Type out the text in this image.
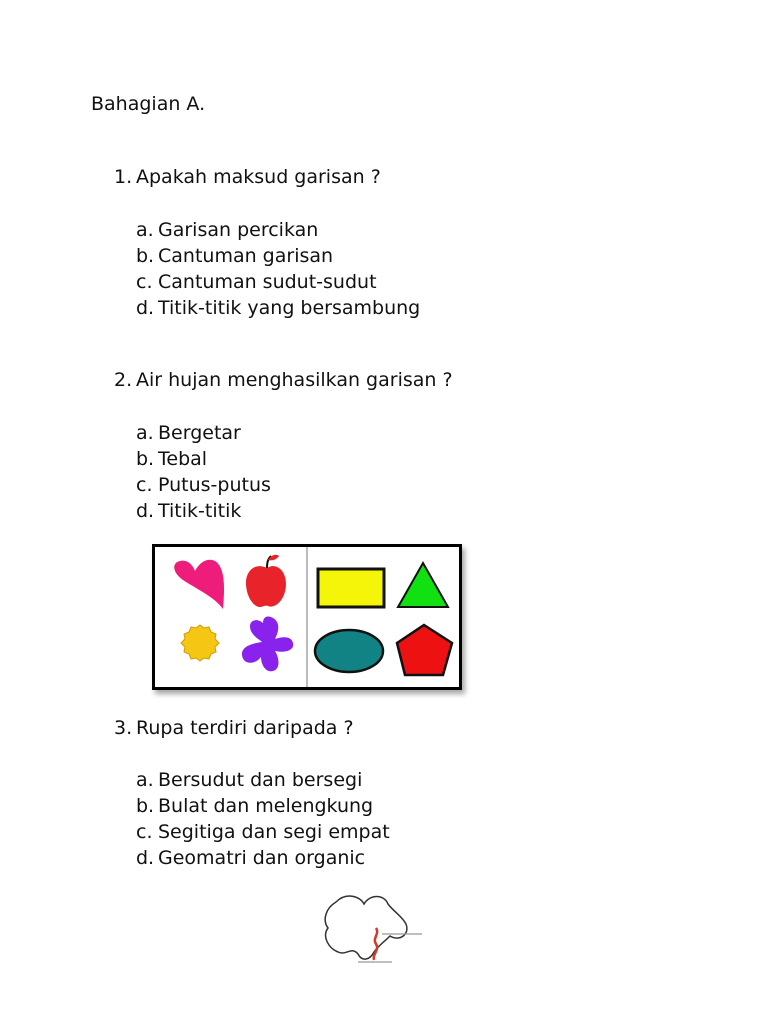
Bahagian A.
1. Apakah maksud garisan ?
a. Garisan percikan
b. Cantuman garisan
c. Cantuman sudut-sudut
d. Titik-titik yang bersambung
2. Air hujan menghasilkan garisan ?
a. Bergetar
b. Tebal
c. Putus-putus
d. Titik-titik
3. Rupa terdiri daripada ?
a. Bersudut dan bersegi
b. Bulat dan melengkung
c. Segitiga dan segi empat
d. Geomatri dan organic
